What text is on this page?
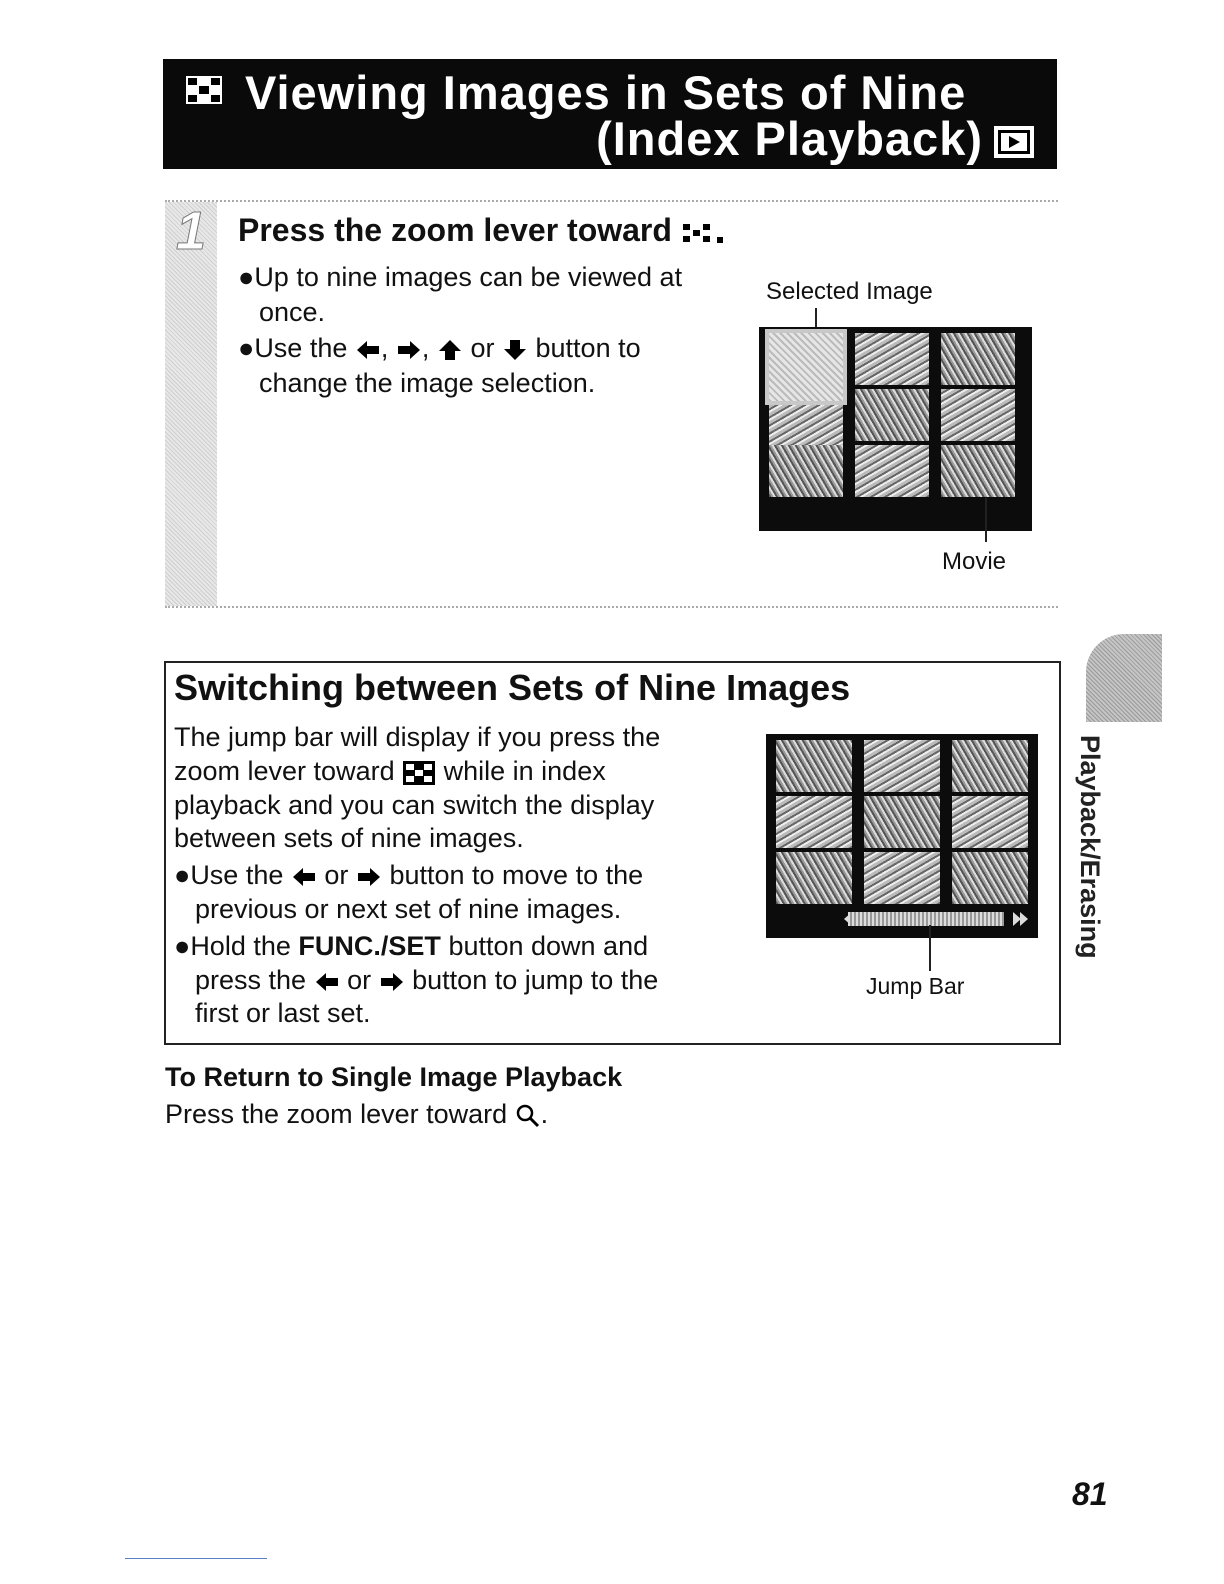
Viewing Images in Sets of Nine
(Index Playback)
1 Press the zoom lever toward
●Up to nine images can be viewed at
once.
●Use the , , or button to
change the image selection.
Selected Image
Movie
Switching between Sets of Nine Images
The jump bar will display if you press the
zoom lever toward while in index
playback and you can switch the display
between sets of nine images.
●Use the or button to move to the
previous or next set of nine images.
●Hold the FUNC./SET button down and
press the or button to jump to the
first or last set.
Jump Bar
Playback/Erasing
To Return to Single Image Playback
Press the zoom lever toward .
81
